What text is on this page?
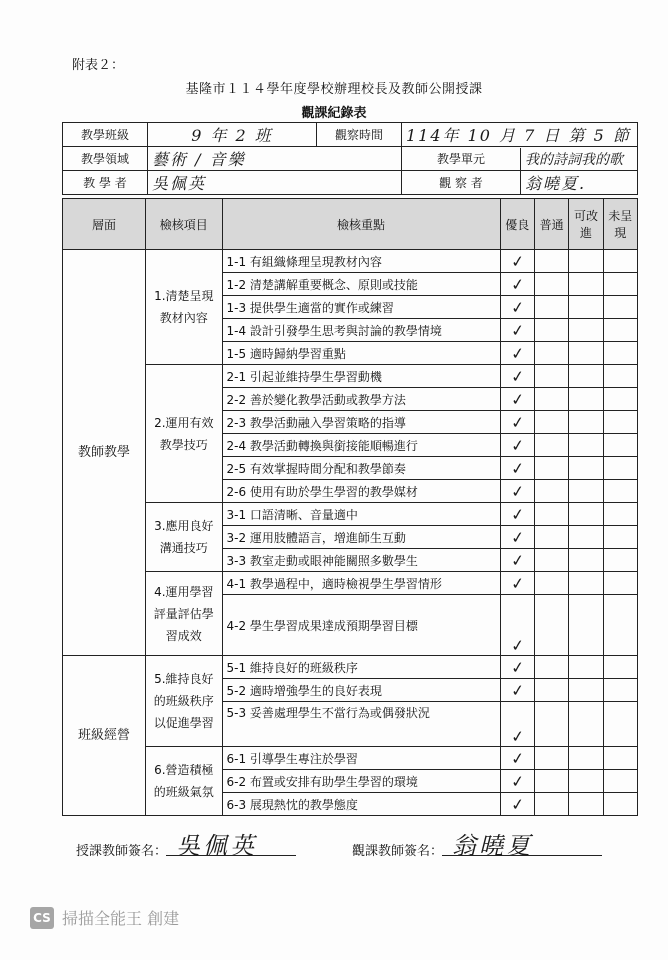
附表２：
基隆市１１４學年度學校辦理校長及教師公開授課
觀課紀錄表
教學班級	9 年 2 班	觀察時間	114年 10 月 7 日 第 5 節
教學領域	藝術 / 音樂		教學單元	我的詩詞我的歌

教 學 者	吳佩英		觀 察 者	翁曉夏.
層面	檢核項目	檢核重點	優良	普通	可改進	未呈現
教師教學	1.清楚呈現教材內容	1-1 有組織條理呈現教材內容	✓			
		1-2 清楚講解重要概念、原則或技能	✓			
		1-3 提供學生適當的實作或練習	✓			
		1-4 設計引發學生思考與討論的教學情境	✓			
		1-5 適時歸納學習重點	✓			
	2.運用有效教學技巧	2-1 引起並維持學生學習動機	✓			
		2-2 善於變化教學活動或教學方法	✓			
		2-3 教學活動融入學習策略的指導	✓			
		2-4 教學活動轉換與銜接能順暢進行	✓			
		2-5 有效掌握時間分配和教學節奏	✓			
		2-6 使用有助於學生學習的教學媒材	✓			
	3.應用良好溝通技巧	3-1 口語清晰、音量適中	✓			
		3-2 運用肢體語言，增進師生互動	✓			
		3-3 教室走動或眼神能關照多數學生	✓			
	4.運用學習評量評估學習成效	4-1 教學過程中，適時檢視學生學習情形	✓			
		4-2 學生學習成果達成預期學習目標	✓			
班級經營	5.維持良好的班級秩序以促進學習	5-1 維持良好的班級秩序	✓			
		5-2 適時增強學生的良好表現	✓			
		5-3 妥善處理學生不當行為或偶發狀況	✓			
	6.營造積極的班級氣氛	6-1 引導學生專注於學習	✓			
		6-2 布置或安排有助學生學習的環境	✓			
		6-3 展現熱忱的教學態度	✓			
授課教師簽名： 吳佩英	觀課教師簽名： 翁曉夏
CS 掃描全能王 創建
